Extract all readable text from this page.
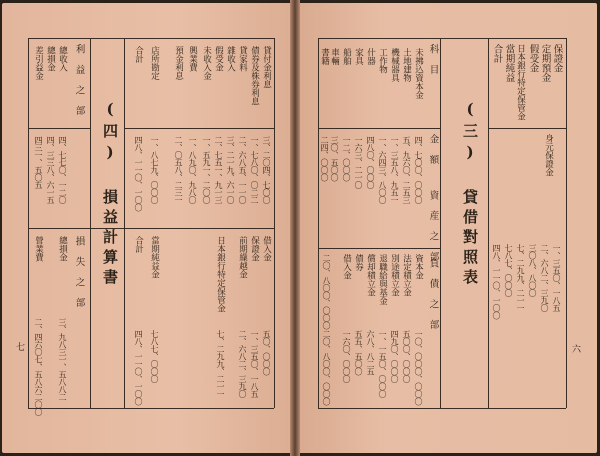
(三) 貸借對照表
保證金
定期預金
假受金
日本銀行特定保管金
當期純益
合計
身元保證金
一、三五〇、一八五
二、六八二、三九〇
三〇八、八〇〇
七、二九九、二一一
七八七、〇〇〇
四八、一一〇、一〇〇
科 目
金 額
資 産 之 部
未拂込資本金
土地建物
機械器具
工作物
什器
家具
船舶
車輛
書籍
四、七〇〇、〇〇〇
五、九六〇、二五三
一、三五八、九五一
一、六四三、八〇〇
四八〇、〇〇〇
一六三、二一〇
一二、〇〇〇
三〇、五〇〇
二四、〇〇〇
負 債 之 部
資本金
法定積立金
別途積立金
退職給與基金
償却積立金
債券
借入金
一〇、〇〇〇、〇〇〇
五〇〇、〇〇〇
四九〇、〇〇〇
一、一五〇、〇〇〇
六八、八二五
五五、五〇〇
一六〇、〇〇〇
二〇、八〇〇、〇〇〇
二〇、八〇〇、〇〇〇	六
(四) 損益計算書
貸付金利息
債券及株券利息
貸家料
雜收入
假受金
未收入金
興業費
預金利息
店所勘定
合計
三、二〇四、七〇〇
一、七八〇、〇二二
二、六八五、一一〇
三、二一九、六一〇
二、七五一、九一三
一、五九一、二〇〇
一、八九〇、九八〇
二、〇五八、二三一
一、八七九、〇〇〇
四八、一一〇、一〇〇
借入金
保證金
前期繰越金
日本銀行特定保管金
當期純益金
合計
五〇、〇〇〇
一、三五〇、一八五
二、六八二、三九〇
七、二九九、二一一
七八七、〇〇〇
四八、一一〇、一〇〇
利 益 之 部
損 失 之 部
總收入
總損金
差引益金
四、七七〇、一二〇
四、三三八、六一五
四三一、五〇五
總損金
營業費
三、九八三一、五八八二
二、四六〇七、五八六二〇〇
七
